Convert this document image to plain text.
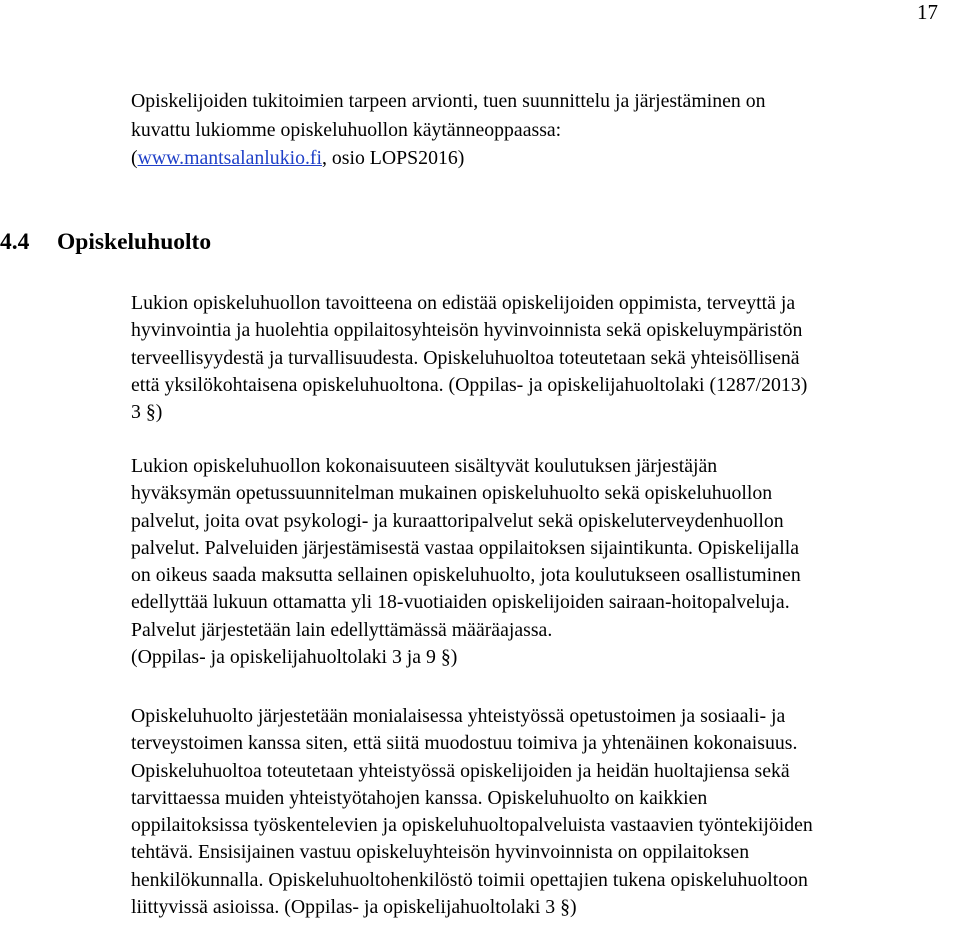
17

Opiskelijoiden tukitoimien tarpeen arvionti, tuen suunnittelu ja järjestäminen on
kuvattu lukiomme opiskeluhuollon käytänneoppaassa:
(www.mantsalanlukio.fi, osio LOPS2016)

4.4 Opiskeluhuolto

Lukion opiskeluhuollon tavoitteena on edistää opiskelijoiden oppimista, terveyttä ja
hyvinvointia ja huolehtia oppilaitosyhteisön hyvinvoinnista sekä opiskeluympäristön
terveellisyydestä ja turvallisuudesta. Opiskeluhuoltoa toteutetaan sekä yhteisöllisenä
että yksilökohtaisena opiskeluhuoltona. (Oppilas- ja opiskelijahuoltolaki (1287/2013)
3 §)

Lukion opiskeluhuollon kokonaisuuteen sisältyvät koulutuksen järjestäjän
hyväksymän opetussuunnitelman mukainen opiskeluhuolto sekä opiskeluhuollon
palvelut, joita ovat psykologi- ja kuraattoripalvelut sekä opiskeluterveydenhuollon
palvelut. Palveluiden järjestämisestä vastaa oppilaitoksen sijaintikunta. Opiskelijalla
on oikeus saada maksutta sellainen opiskeluhuolto, jota koulutukseen osallistuminen
edellyttää lukuun ottamatta yli 18-vuotiaiden opiskelijoiden sairaan-hoitopalveluja.
Palvelut järjestetään lain edellyttämässä määräajassa.
(Oppilas- ja opiskelijahuoltolaki 3 ja 9 §)

Opiskeluhuolto järjestetään monialaisessa yhteistyössä opetustoimen ja sosiaali- ja
terveystoimen kanssa siten, että siitä muodostuu toimiva ja yhtenäinen kokonaisuus.
Opiskeluhuoltoa toteutetaan yhteistyössä opiskelijoiden ja heidän huoltajiensa sekä
tarvittaessa muiden yhteistyötahojen kanssa. Opiskeluhuolto on kaikkien
oppilaitoksissa työskentelevien ja opiskeluhuoltopalveluista vastaavien työntekijöiden
tehtävä. Ensisijainen vastuu opiskeluyhteisön hyvinvoinnista on oppilaitoksen
henkilökunnalla. Opiskeluhuoltohenkilöstö toimii opettajien tukena opiskeluhuoltoon
liittyvissä asioissa. (Oppilas- ja opiskelijahuoltolaki 3 §)
